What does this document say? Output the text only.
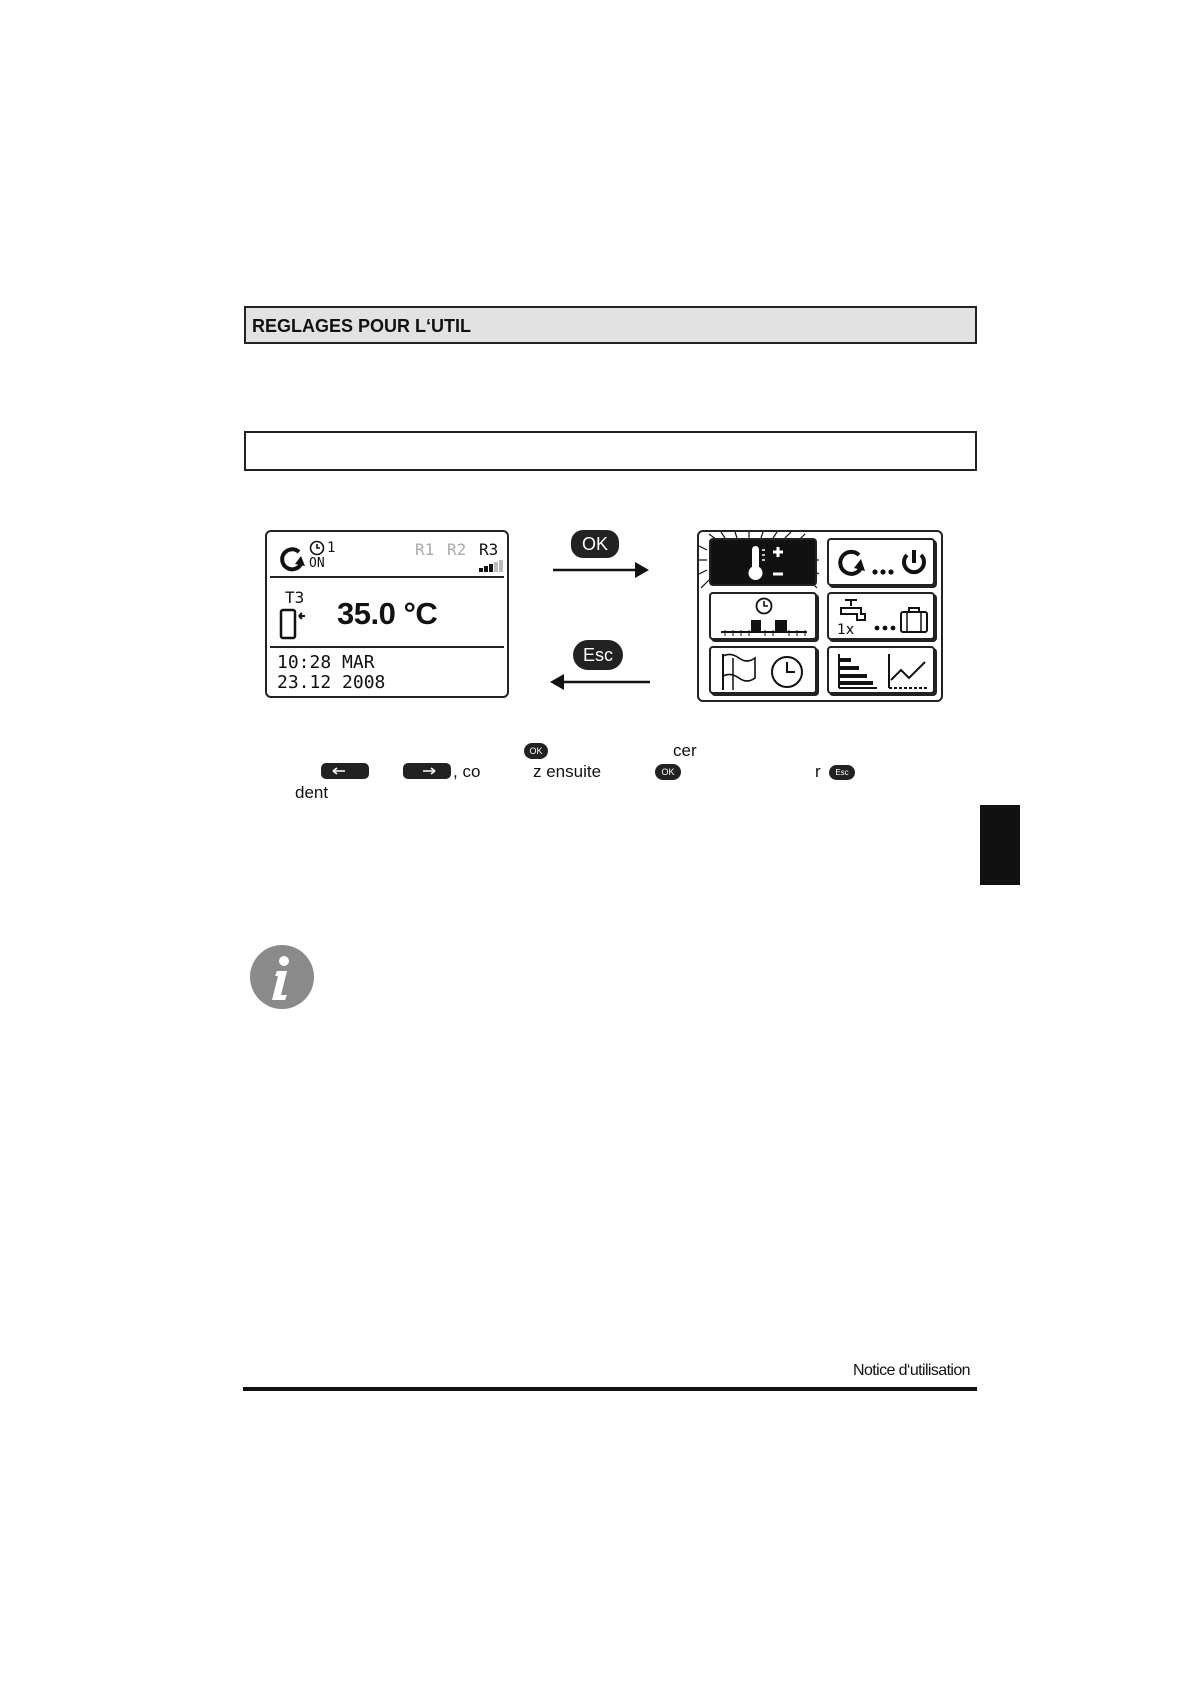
REGLAGES POUR L‘UTIL
1
ON
R1 R2 R3
T3 35.0 °C
10:28 MAR
23.12 2008
OK
Esc
1x
OK	cer
, co	z ensuite	OK	r	Esc
dent
Notice d‘utilisation
